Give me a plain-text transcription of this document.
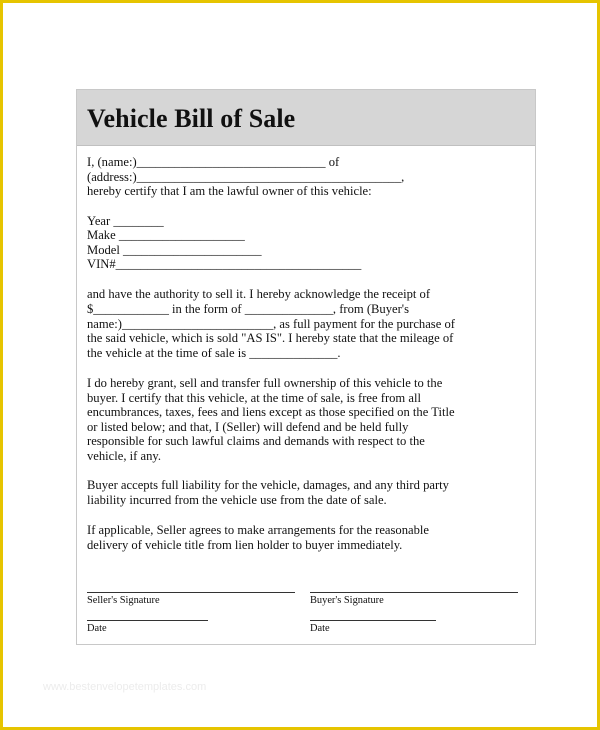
Vehicle Bill of Sale
I, (name:)______________________________ of
(address:)__________________________________________,
hereby certify that I am the lawful owner of this vehicle:
Year ________
Make ____________________
Model ______________________
VIN#_______________________________________
and have the authority to sell it. I hereby acknowledge the receipt of
$____________ in the form of ______________, from (Buyer's
name:)________________________, as full payment for the purchase of
the said vehicle, which is sold "AS IS". I hereby state that the mileage of
the vehicle at the time of sale is ______________.
I do hereby grant, sell and transfer full ownership of this vehicle to the
buyer. I certify that this vehicle, at the time of sale, is free from all
encumbrances, taxes, fees and liens except as those specified on the Title
or listed below; and that, I (Seller) will defend and be held fully
responsible for such lawful claims and demands with respect to the
vehicle, if any.
Buyer accepts full liability for the vehicle, damages, and any third party
liability incurred from the vehicle use from the date of sale.
If applicable, Seller agrees to make arrangements for the reasonable
delivery of vehicle title from lien holder to buyer immediately.
Seller's Signature	Buyer's Signature
Date	Date
www.bestenvelopetemplates.com
